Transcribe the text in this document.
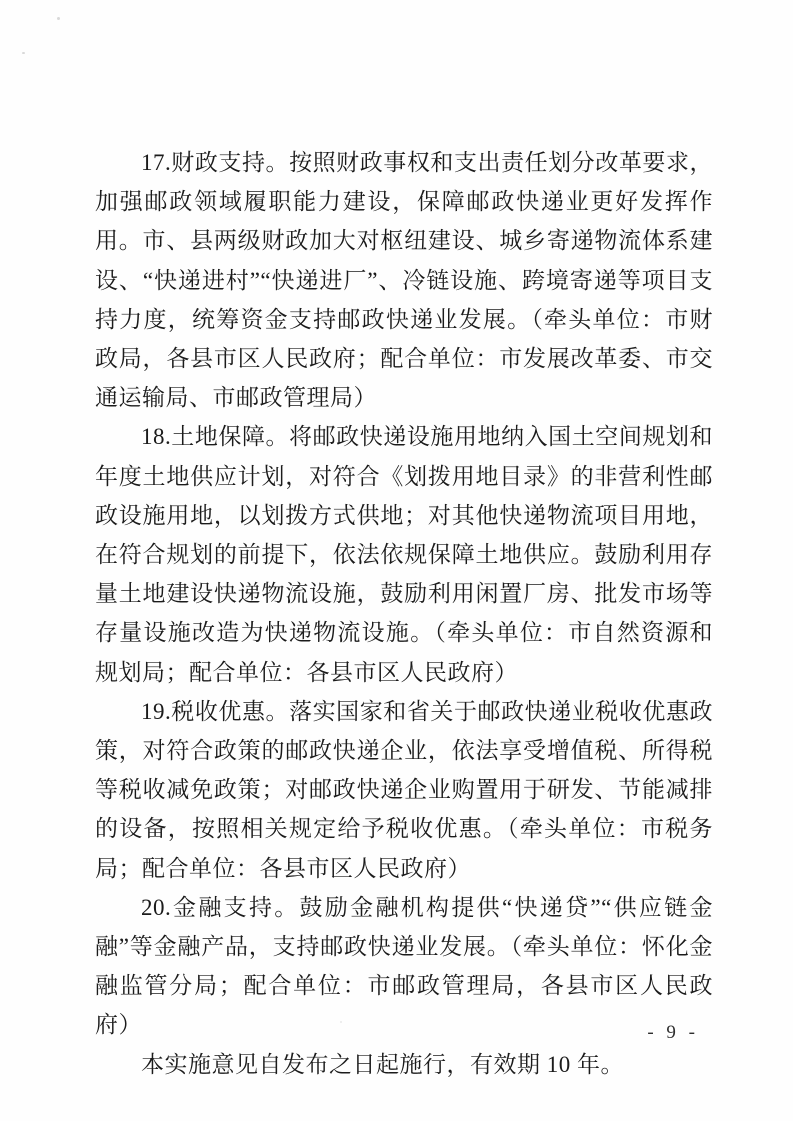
17.财政支持。按照财政事权和支出责任划分改革要求，加强邮政领域履职能力建设，保障邮政快递业更好发挥作用。市、县两级财政加大对枢纽建设、城乡寄递物流体系建设、“快递进村”“快递进厂”、冷链设施、跨境寄递等项目支持力度，统筹资金支持邮政快递业发展。（牵头单位：市财政局，各县市区人民政府；配合单位：市发展改革委、市交通运输局、市邮政管理局）

18.土地保障。将邮政快递设施用地纳入国土空间规划和年度土地供应计划，对符合《划拨用地目录》的非营利性邮政设施用地，以划拨方式供地；对其他快递物流项目用地，在符合规划的前提下，依法依规保障土地供应。鼓励利用存量土地建设快递物流设施，鼓励利用闲置厂房、批发市场等存量设施改造为快递物流设施。（牵头单位：市自然资源和规划局；配合单位：各县市区人民政府）

19.税收优惠。落实国家和省关于邮政快递业税收优惠政策，对符合政策的邮政快递企业，依法享受增值税、所得税等税收减免政策；对邮政快递企业购置用于研发、节能减排的设备，按照相关规定给予税收优惠。（牵头单位：市税务局；配合单位：各县市区人民政府）

20.金融支持。鼓励金融机构提供“快递贷”“供应链金融”等金融产品，支持邮政快递业发展。（牵头单位：怀化金融监管分局；配合单位：市邮政管理局，各县市区人民政府）

本实施意见自发布之日起施行，有效期 10 年。

- 9 -
